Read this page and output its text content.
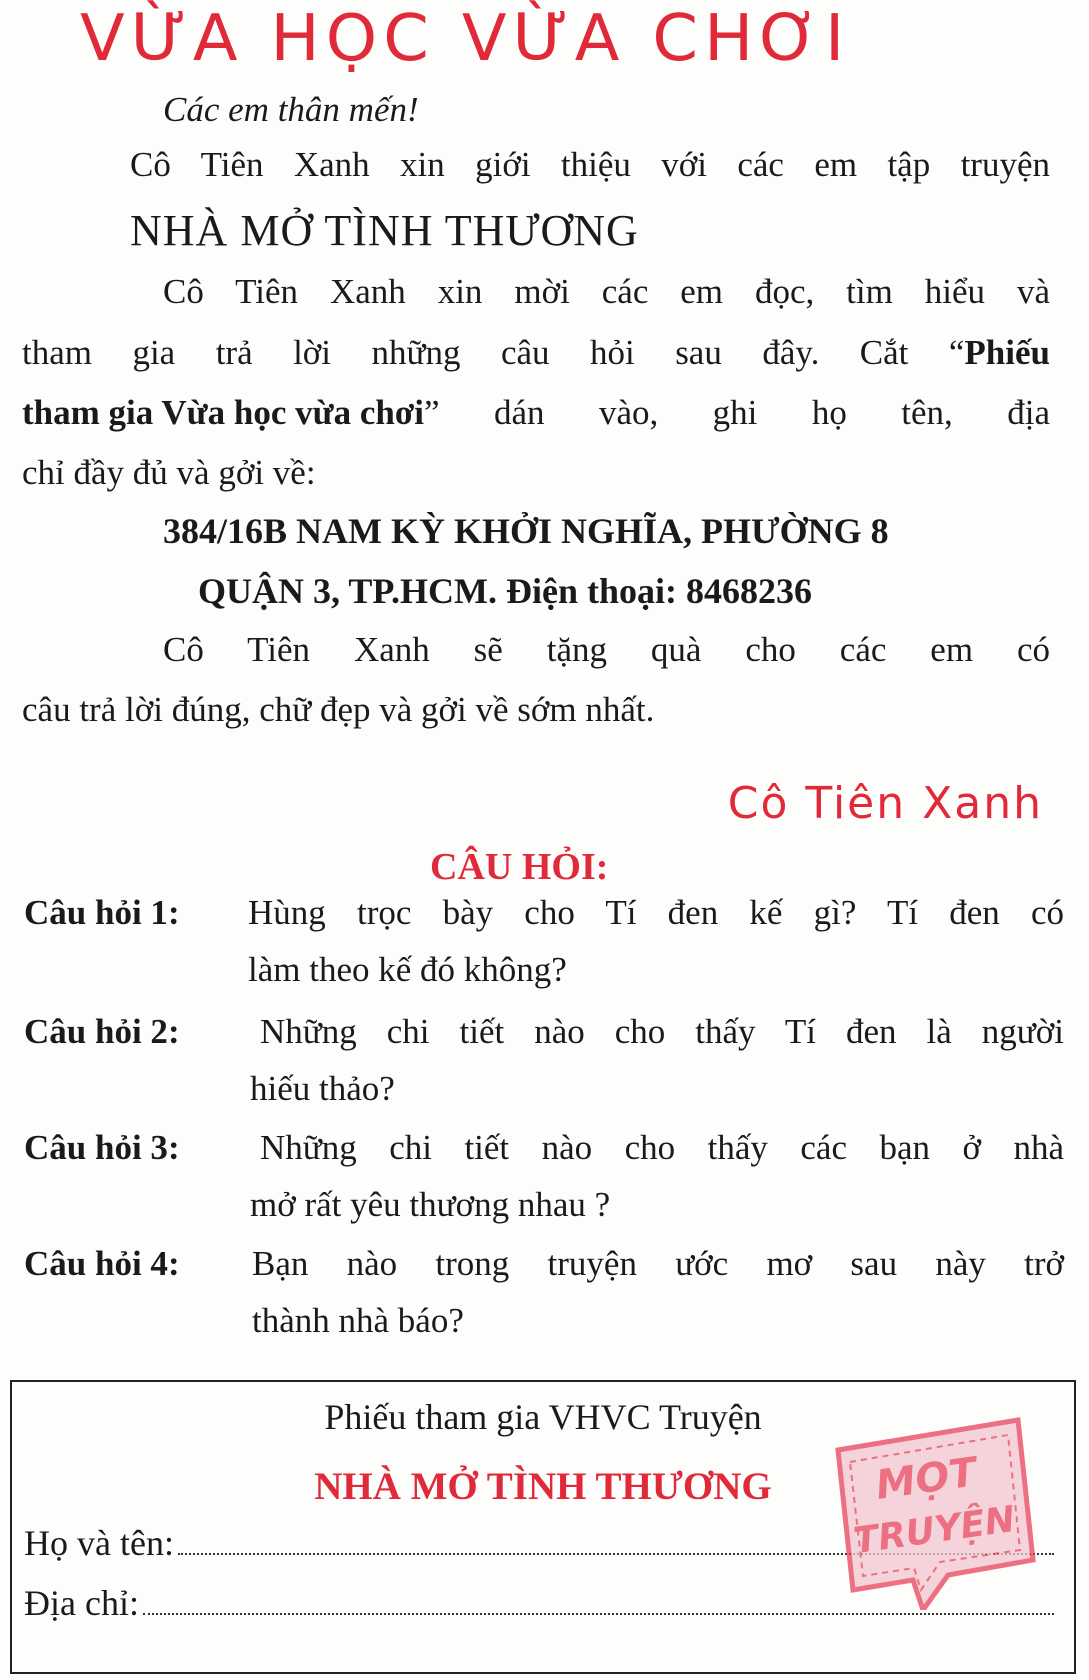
VỪA HỌC VỪA CHƠI
Các em thân mến!
Cô Tiên Xanh xin giới thiệu với các em tập truyện
NHÀ MỞ TÌNH THƯƠNG
Cô Tiên Xanh xin mời các em đọc, tìm hiểu và
tham gia trả lời những câu hỏi sau đây. Cắt “ Phiếu
tham gia Vừa học vừa chơi ” dán vào, ghi họ tên, địa
chỉ đầy đủ và gởi về:
384/16B NAM KỲ KHỞI NGHĨA, PHƯỜNG 8
QUẬN 3, TP.HCM. Điện thoại: 8468236
Cô Tiên Xanh sẽ tặng quà cho các em có
câu trả lời đúng, chữ đẹp và gởi về sớm nhất.
Cô Tiên Xanh
CÂU HỎI:
Câu hỏi 1: Hùng trọc bày cho Tí đen kế gì? Tí đen có
làm theo kế đó không?
Câu hỏi 2: Những chi tiết nào cho thấy Tí đen là người
hiếu thảo?
Câu hỏi 3: Những chi tiết nào cho thấy các bạn ở nhà
mở rất yêu thương nhau ?
Câu hỏi 4: Bạn nào trong truyện ước mơ sau này trở
thành nhà báo?
Phiếu tham gia VHVC Truyện
NHÀ MỞ TÌNH THƯƠNG
Họ và tên:
Địa chỉ:
MỌT
TRUYỆN
